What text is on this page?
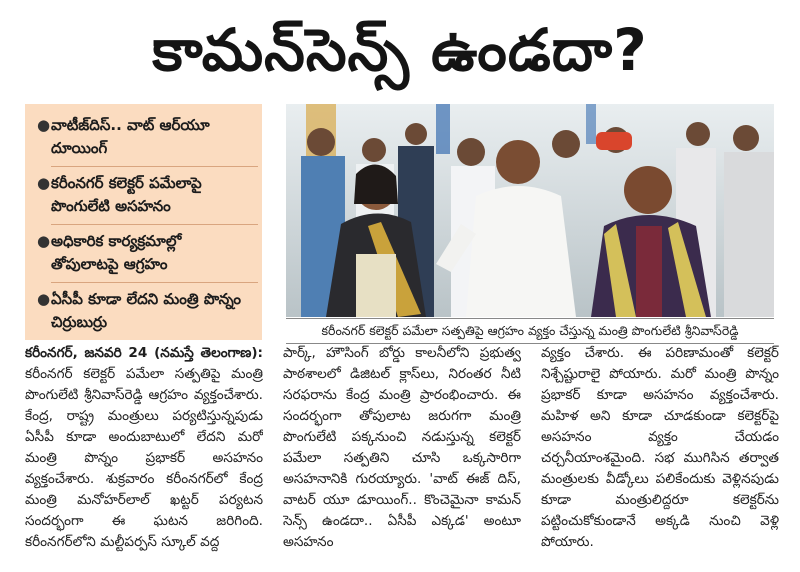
కామన్‌సెన్స్ ఉండదా?
● వాటీజ్‌దిస్.. వాట్ ఆర్‌యూ దూయింగ్
● కరీంనగర్ కలెక్టర్ పమేలాపై పొంగులేటి అసహనం
● అధికారిక కార్యక్రమాల్లో తోపులాటపై ఆగ్రహం
● ఏసీపీ కూడా లేదని మంత్రి పొన్నం చిర్రుబుర్రు	కరీంనగర్ కలెక్టర్ పమేలా సత్పతిపై ఆగ్రహం వ్యక్తం చేస్తున్న మంత్రి పొంగులేటి శ్రీనివాస్‌రెడ్డి

కరీంనగర్, జనవరి 24 (నమస్తే తెలంగాణ): కరీంనగర్ కలెక్టర్ పమేలా సత్పతిపై మంత్రి పొంగులేటి శ్రీనివాస్‌రెడ్డి ఆగ్రహం వ్యక్తంచేశారు. కేంద్ర, రాష్ట్ర మంత్రులు పర్యటిస్తున్నపుడు ఏసీపీ కూడా అందుబాటులో లేదని మరో మంత్రి పొన్నం ప్రభాకర్ అసహనం వ్యక్తంచేశారు. శుక్రవారం కరీంనగర్‌లో కేంద్ర మంత్రి మనోహర్‌లాల్ ఖట్టర్ పర్యటన సందర్భంగా ఈ ఘటన జరిగింది. కరీంనగర్‌లోని మల్టీపర్పస్ స్కూల్ వద్ద

పార్క్, హౌసింగ్ బోర్డు కాలనీలోని ప్రభుత్వ పాఠశాలలో డిజిటల్ క్లాస్‌లు, నిరంతర నీటి సరఫరాను కేంద్ర మంత్రి ప్రారంభించారు. ఈ సందర్భంగా తోపులాట జరుగగా మంత్రి పొంగులేటి పక్కనుంచి నడుస్తున్న కలెక్టర్ పమేలా సత్పతిని చూసి ఒక్కసారిగా అసహనానికి గురయ్యారు. 'వాట్ ఈజ్ దిస్, వాటర్ యూ డూయింగ్.. కొంచెమైనా కామన్ సెన్స్ ఉండదా.. ఏసీపీ ఎక్కడ' అంటూ అసహనం

వ్యక్తం చేశారు. ఈ పరిణామంతో కలెక్టర్ నిశ్చేష్టురాలై పోయారు. మరో మంత్రి పొన్నం ప్రభాకర్ కూడా అసహనం వ్యక్తంచేశారు. మహిళ అని కూడా చూడకుండా కలెక్టర్‌పై అసహనం వ్యక్తం చేయడం చర్చనీయాంశమైంది. సభ ముగిసిన తర్వాత మంత్రులకు వీడ్కోలు పలికేందుకు వెళ్లినపుడు కూడా మంత్రులిద్దరూ కలెక్టర్‌ను పట్టించుకోకుండానే అక్కడి నుంచి వెళ్లి పోయారు.
